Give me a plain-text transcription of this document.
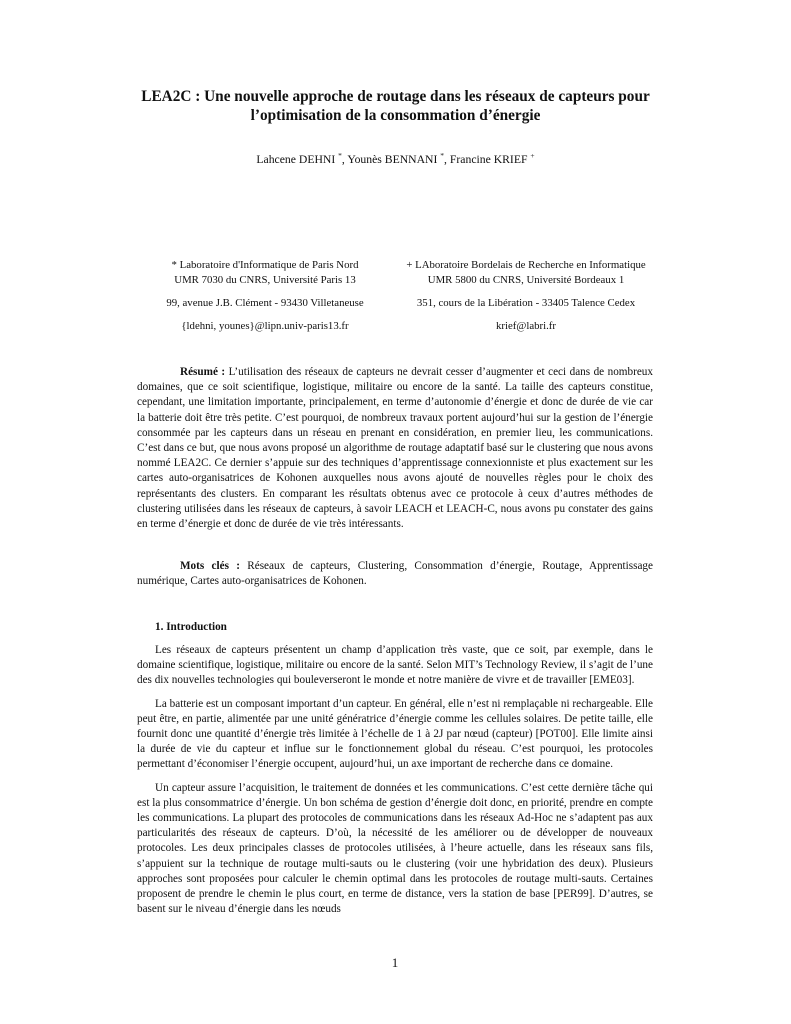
LEA2C : Une nouvelle approche de routage dans les réseaux de capteurs pour
l’optimisation de la consommation d’énergie
Lahcene DEHNI *, Younès BENNANI *, Francine KRIEF +
* Laboratoire d'Informatique de Paris Nord
UMR 7030 du CNRS, Université Paris 13
99, avenue J.B. Clément - 93430 Villetaneuse
{ldehni, younes}@lipn.univ-paris13.fr
+ LAboratoire Bordelais de Recherche en Informatique
UMR 5800 du CNRS, Université Bordeaux 1
351, cours de la Libération - 33405 Talence Cedex
krief@labri.fr

Résumé : L’utilisation des réseaux de capteurs ne devrait cesser d’augmenter et ceci dans de nombreux domaines, que ce soit scientifique, logistique, militaire ou encore de la santé. La taille des capteurs constitue, cependant, une limitation importante, principalement, en terme d’autonomie d’énergie et donc de durée de vie car la batterie doit être très petite. C’est pourquoi, de nombreux travaux portent aujourd’hui sur la gestion de l’énergie consommée par les capteurs dans un réseau en prenant en considération, en premier lieu, les communications. C’est dans ce but, que nous avons proposé un algorithme de routage adaptatif basé sur le clustering que nous avons nommé LEA2C. Ce dernier s’appuie sur des techniques d’apprentissage connexionniste et plus exactement sur les cartes auto-organisatrices de Kohonen auxquelles nous avons ajouté de nouvelles règles pour le choix des représentants des clusters. En comparant les résultats obtenus avec ce protocole à ceux d’autres méthodes de clustering utilisées dans les réseaux de capteurs, à savoir LEACH et LEACH-C, nous avons pu constater des gains en terme d’énergie et donc de durée de vie très intéressants.

Mots clés : Réseaux de capteurs, Clustering, Consommation d’énergie, Routage, Apprentissage numérique, Cartes auto-organisatrices de Kohonen.

1. Introduction

Les réseaux de capteurs présentent un champ d’application très vaste, que ce soit, par exemple, dans le domaine scientifique, logistique, militaire ou encore de la santé. Selon MIT’s Technology Review, il s’agit de l’une des dix nouvelles technologies qui bouleverseront le monde et notre manière de vivre et de travailler [EME03].

La batterie est un composant important d’un capteur. En général, elle n’est ni remplaçable ni rechargeable. Elle peut être, en partie, alimentée par une unité génératrice d’énergie comme les cellules solaires. De petite taille, elle fournit donc une quantité d’énergie très limitée à l’échelle de 1 à 2J par nœud (capteur) [POT00]. Elle limite ainsi la durée de vie du capteur et influe sur le fonctionnement global du réseau. C’est pourquoi, les protocoles permettant d’économiser l’énergie occupent, aujourd’hui, un axe important de recherche dans ce domaine.

Un capteur assure l’acquisition, le traitement de données et les communications. C’est cette dernière tâche qui est la plus consommatrice d’énergie. Un bon schéma de gestion d’énergie doit donc, en priorité, prendre en compte les communications. La plupart des protocoles de communications dans les réseaux Ad-Hoc ne s’adaptent pas aux particularités des réseaux de capteurs. D’où, la nécessité de les améliorer ou de développer de nouveaux protocoles. Les deux principales classes de protocoles utilisées, à l’heure actuelle, dans les réseaux sans fils, s’appuient sur la technique de routage multi-sauts ou le clustering (voir une hybridation des deux). Plusieurs approches sont proposées pour calculer le chemin optimal dans les protocoles de routage multi-sauts. Certaines proposent de prendre le chemin le plus court, en terme de distance, vers la station de base [PER99]. D’autres, se basent sur le niveau d’énergie dans les nœuds

1
